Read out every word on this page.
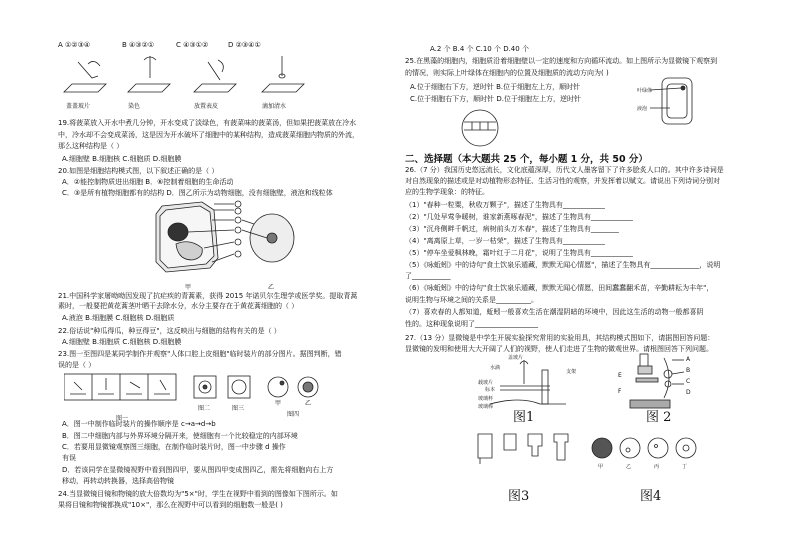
A ①②③④	B ④③②①	C ④③①②	D ②③④①
盖盖玻片	染色	放置表皮	滴加清水
19.将菠菜放入开水中煮几分钟，开水变成了淡绿色，有菠菜味的菠菜汤，但如果把菠菜放在冷水
中，冷水却不会变成菜汤，这是因为开水破坏了细胞中的某种结构，造成菠菜细胞内物质的外流，
那么这种结构是（ ）
A.细胞壁 B.细胞核 C.细胞质 D.细胞膜
20.如图是细胞结构模式图，以下叙述正确的是（ ）
A．②能控制物质进出细胞 B．⑥控制着细胞的生命活动
C．③是所有植物细胞都有的结构 D．图乙所示为动物细胞，没有细胞壁，液泡和线粒体
甲	乙
21.中国科学家屠呦呦因发现了抗疟疾的青蒿素，获得 2015 年诺贝尔生理学或医学奖。提取青蒿
素时，一般要把黄花蒿茎叶晒干去除水分，水分主要存在于黄花蒿细胞的（ ）
A.液泡 B.细胞膜 C.细胞核 D.细胞质
22.俗话说"种瓜得瓜，种豆得豆"，这反映出与细胞的结构有关的是（ ）
A.细胞壁 B.细胞质 C.细胞核 D.细胞膜
23.图一至图四是某同学制作并观察"人体口腔上皮细胞"临时装片的部分图片。据图判断，错
误的是（ ）
图一
图二	图三
甲	乙
图四
A．图一中制作临时装片的操作顺序是 c→a→d→b
B．图二中细胞内部与外界环境分隔开来，使细胞有一个比较稳定的内部环境
C．若要用显微镜观察图三细胞，在制作临时装片时，图一中步骤 d 操作
有误
D．若该同学在显微镜视野中看到图四甲，要从图四甲变成图四乙，需先将细胞向右上方
移动，再转动转换器，选择高倍物镜
24.当显微镜目镜和物镜的放大倍数均为"5×"时，学生在视野中看到的图像如下图所示。如
果将目镜和物镜都换成"10×"，那么在视野中可以看到的细胞数一般是( )
A.2 个 B.4 个 C.10 个 D.40 个
25.在黑藻的细胞内，细胞质沿着细胞壁以一定的速度和方向循环流动。如上图所示为显微镜下观察到
的情况，则实际上叶绿体在细胞内的位置及细胞质的流动方向为( )
叶绿体
液泡
A.位于细胞右下方，逆时针 B.位于细胞左上方，顺时针
C.位于细胞右下方，顺时针 D.位于细胞左上方，逆时针
二、选择题（本大题共 25 个，每小题 1 分，共 50 分）
26.（7 分）我国历史悠远流长，文化底蕴深厚，历代文人墨客留下了许多脍炙人口的。其中许多诗词是
对自然现象的描述或是对动植物形态特征、生活习性的观察，并发挥着以赋文。请说出下列诗词分别对
应的生物学现象：的特征。
（1）"春种一粒粟，秋收万颗子"，描述了生物具有____________
（2）"几处早莺争暖树，谁家新燕啄春泥"，描述了生物具有____________
（3）"沉舟侧畔千帆过，病树前头万木春"，描述了生物具有________
（4）"离离原上草，一岁一枯荣"，描述了生物具有____________
（5）"停车坐爱枫林晚，霜叶红于二月花"，说明了生物具有____________
（5）《咏蚯蚓》中的诗句"食土饮泉乐遁藏，默默无闻心情愿"，描述了生物具有______________，说明
了___________
（6）《咏蚯蚓》中的诗句"食土饮泉乐遁藏，默默无闻心情愿，田间蠢蠢翻禾苗，辛勤耕耘为丰年"，
说明生物与环境之间的关系是__________。
（7）喜欢春的人都知道，蚯蚓一般喜欢生活在潮湿阴暗的环境中，因此这生活的动物一般都喜阴
性的。这种现象说明了__________________
27.（13 分）显微镜是中学生开展实验探究常用的实验用具，其结构模式图如下，请据图回答问题：
显微镜的发明和使用大大开阔了人们的视野，使人们走进了生物的微观世界。请根图回答下列问题。
盖玻片
水滴
载玻片
标本
支架
玻璃杯
玻璃棒
图1
A
B
C
D
E
F
图 2
图3
甲	乙	丙	丁
图4
